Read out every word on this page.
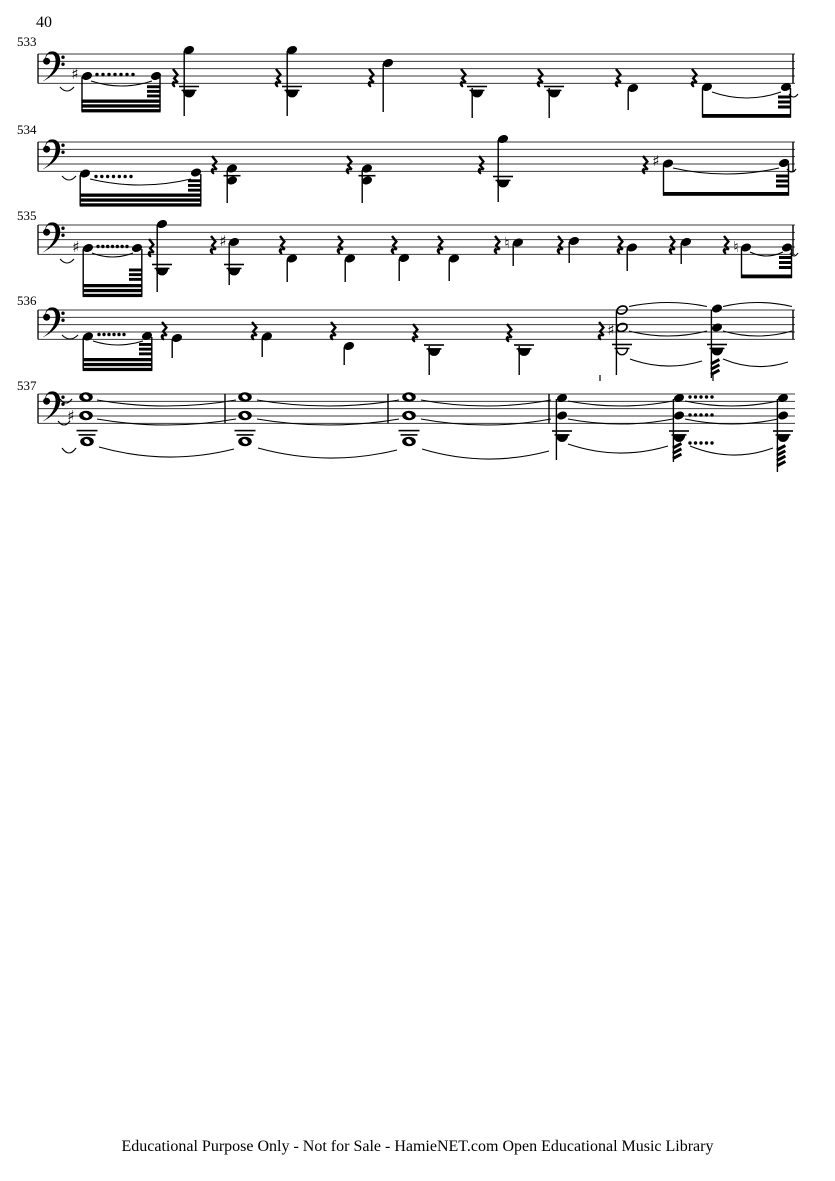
40
533
534
535
536
537
♯
♯
♯	♯	♮	♮
♯
♯
Educational Purpose Only - Not for Sale - HamieNET.com Open Educational Music Library
